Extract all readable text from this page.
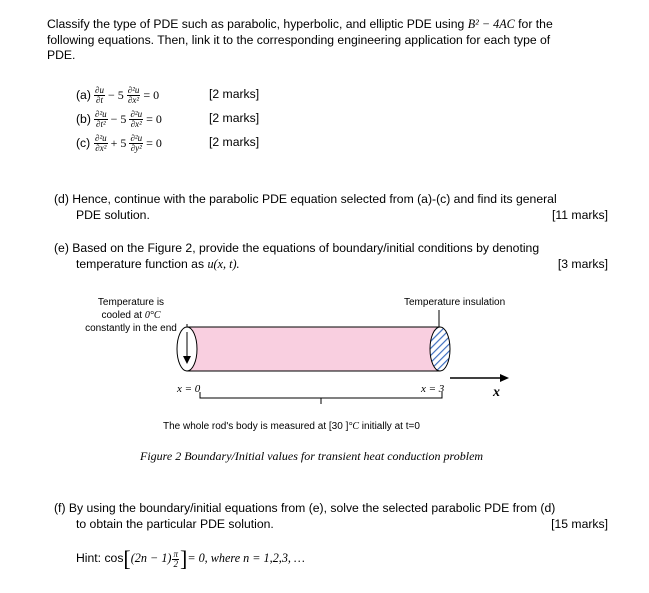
Classify the type of PDE such as parabolic, hyperbolic, and elliptic PDE using B² − 4AC for the
following equations. Then, link it to the corresponding engineering application for each type of
PDE.
$(a) \frac{\partial u}{\partial t} - 5 \frac{\text{∂²u}}{\text{∂x²}} = 0$	[2 marks]
$(b) \frac{\text{∂²u}}{\text{∂t²}} - 5 \frac{\text{∂²u}}{\text{∂x²}} = 0$	[2 marks]
$(c) \frac{\text{∂²u}}{\text{∂x²}} + 5 \frac{\text{∂²u}}{\text{∂y²}} = 0$	[2 marks]
(d) Hence, continue with the parabolic PDE equation selected from (a)-(c) and find its general
PDE solution.	[11 marks]
(e) Based on the Figure 2, provide the equations of boundary/initial conditions by denoting
temperature function as u(x, t).	[3 marks]
Temperature is
cooled at 0°C
constantly in the end
Temperature insulation
x = 0	x = 3	x
The whole rod's body is measured at [30 ]°C initially at t=0
Figure 2 Boundary/Initial values for transient heat conduction problem
(f) By using the boundary/initial equations from (e), solve the selected parabolic PDE from (d)
to obtain the particular PDE solution.	[15 marks]
Hint: cos [ $(2n - 1) \frac{\pi}{2}$ ] = 0, where n = 1,2,3, …
